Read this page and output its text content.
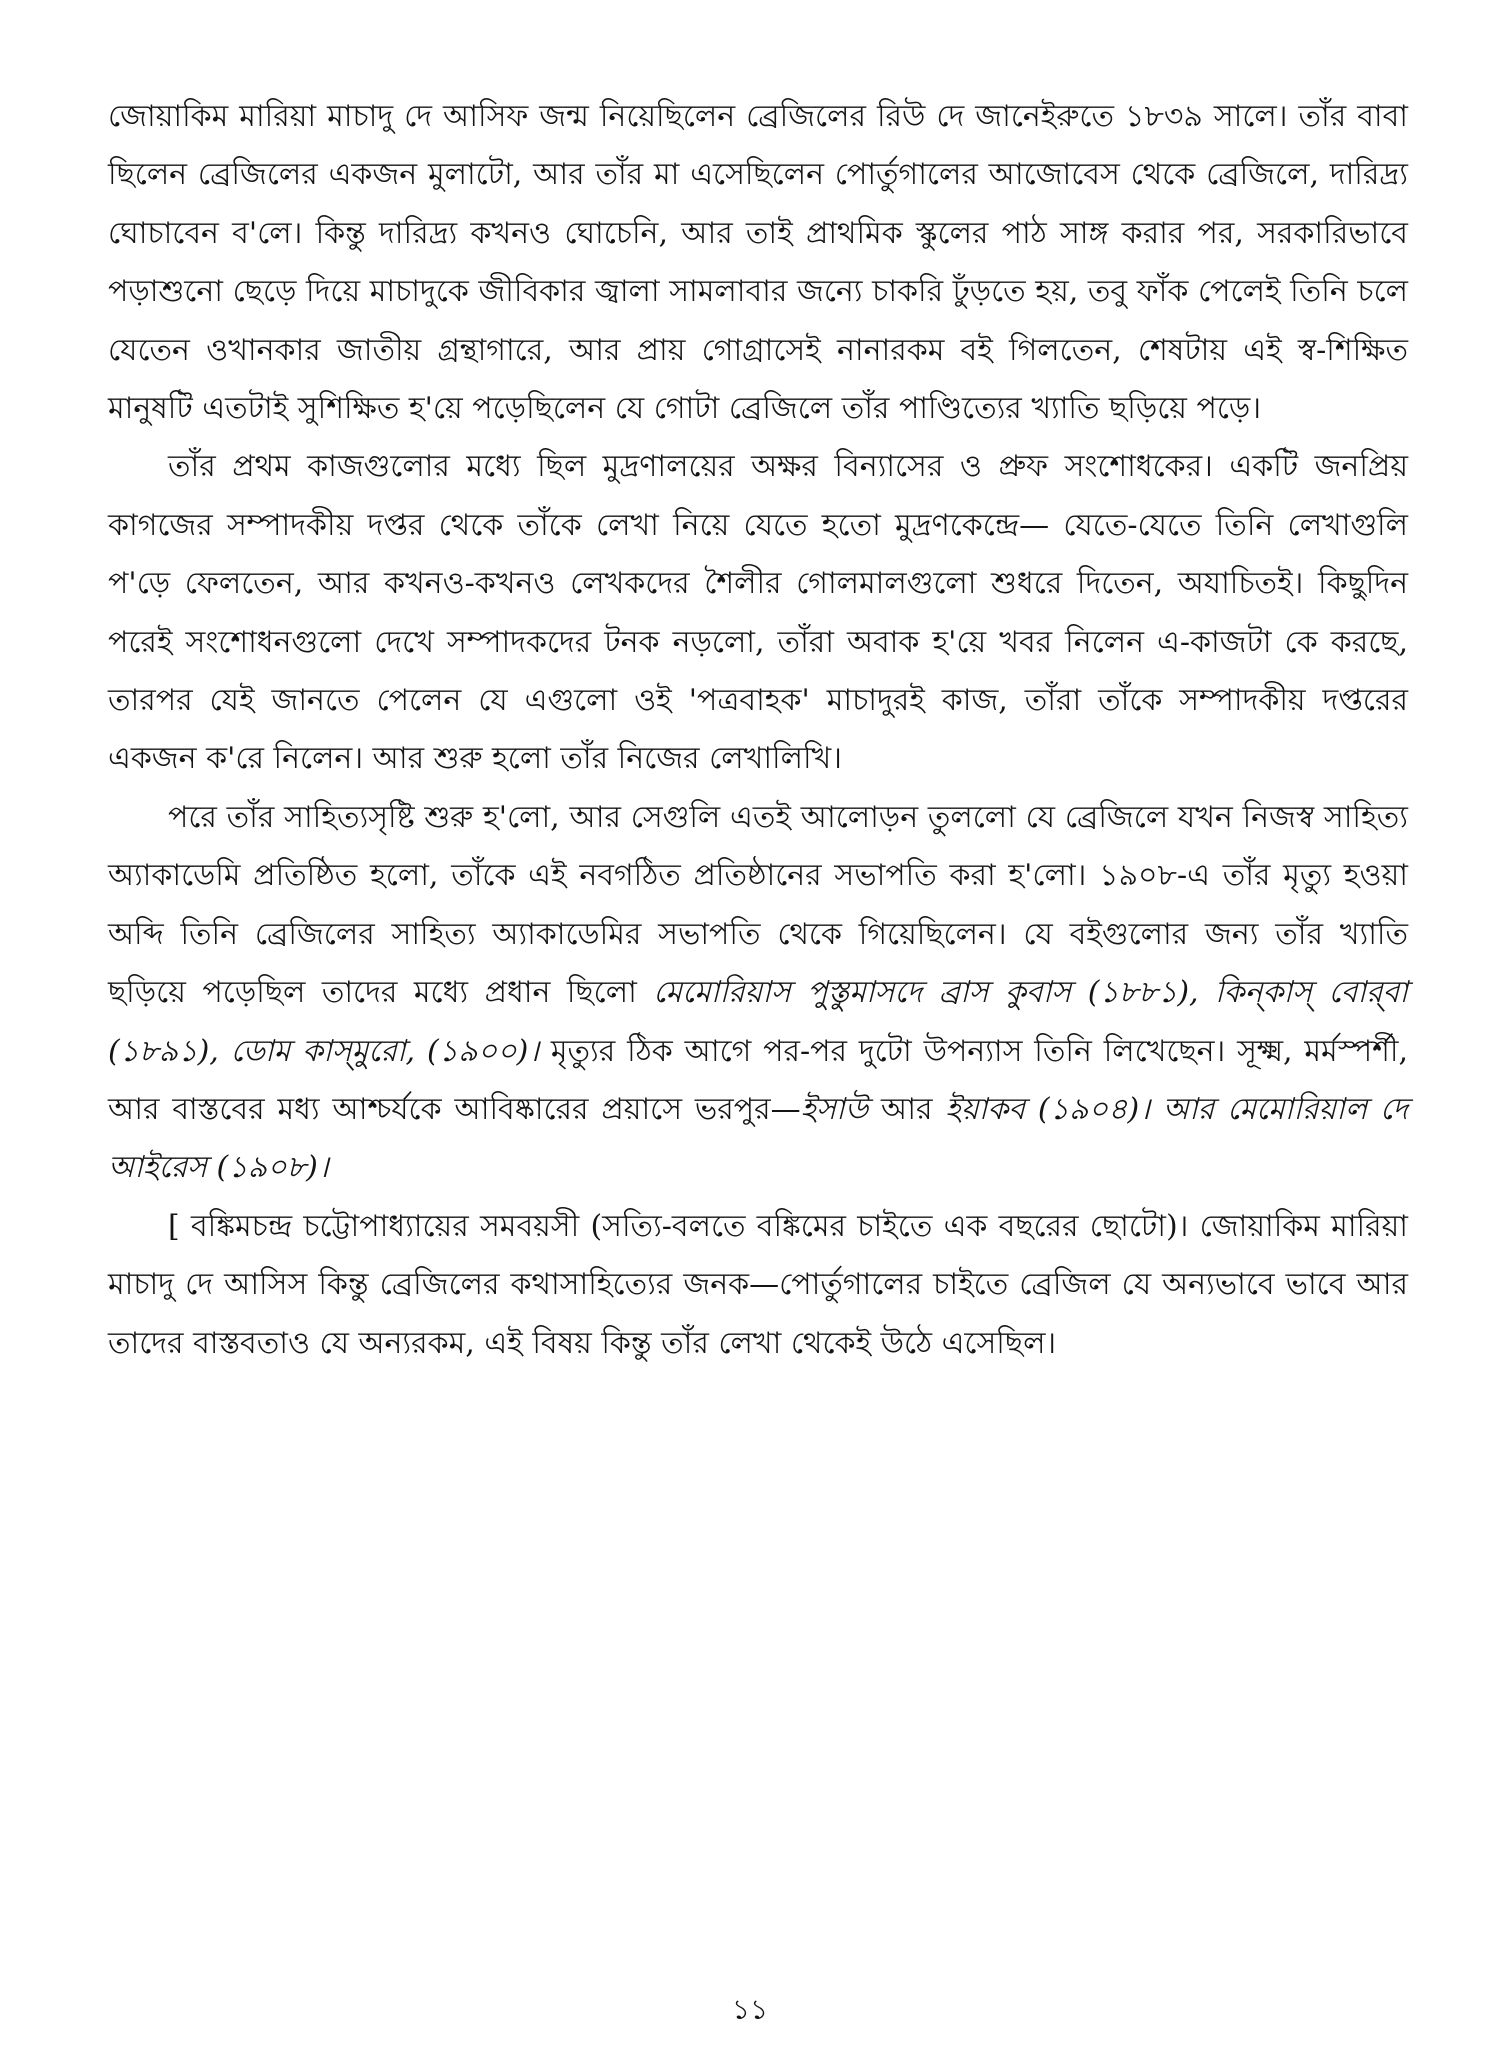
জোয়াকিম মারিয়া মাচাদু দে আসিফ জন্ম নিয়েছিলেন ব্রেজিলের রিউ দে জানেইরুতে ১৮৩৯ সালে। তাঁর বাবা ছিলেন ব্রেজিলের একজন মুলাটো, আর তাঁর মা এসেছিলেন পোর্তুগালের আজোবেস থেকে ব্রেজিলে, দারিদ্র্য ঘোচাবেন ব'লে। কিন্তু দারিদ্র্য কখনও ঘোচেনি, আর তাই প্রাথমিক স্কুলের পাঠ সাঙ্গ করার পর, সরকারিভাবে পড়াশুনো ছেড়ে দিয়ে মাচাদুকে জীবিকার জ্বালা সামলাবার জন্যে চাকরি ঢুঁড়তে হয়, তবু ফাঁক পেলেই তিনি চলে যেতেন ওখানকার জাতীয় গ্রন্থাগারে, আর প্রায় গোগ্রাসেই নানারকম বই গিলতেন, শেষটায় এই স্ব-শিক্ষিত মানুষটি এতটাই সুশিক্ষিত হ'য়ে পড়েছিলেন যে গোটা ব্রেজিলে তাঁর পাণ্ডিত্যের খ্যাতি ছড়িয়ে পড়ে।

তাঁর প্রথম কাজগুলোর মধ্যে ছিল মুদ্রণালয়ের অক্ষর বিন্যাসের ও প্রুফ সংশোধকের। একটি জনপ্রিয় কাগজের সম্পাদকীয় দপ্তর থেকে তাঁকে লেখা নিয়ে যেতে হতো মুদ্রণকেন্দ্রে— যেতে-যেতে তিনি লেখাগুলি প'ড়ে ফেলতেন, আর কখনও-কখনও লেখকদের শৈলীর গোলমালগুলো শুধরে দিতেন, অযাচিতই। কিছুদিন পরেই সংশোধনগুলো দেখে সম্পাদকদের টনক নড়লো, তাঁরা অবাক হ'য়ে খবর নিলেন এ-কাজটা কে করছে, তারপর যেই জানতে পেলেন যে এগুলো ওই 'পত্রবাহক' মাচাদুরই কাজ, তাঁরা তাঁকে সম্পাদকীয় দপ্তরের একজন ক'রে নিলেন। আর শুরু হলো তাঁর নিজের লেখালিখি।

পরে তাঁর সাহিত্যসৃষ্টি শুরু হ'লো, আর সেগুলি এতই আলোড়ন তুললো যে ব্রেজিলে যখন নিজস্ব সাহিত্য অ্যাকাডেমি প্রতিষ্ঠিত হলো, তাঁকে এই নবগঠিত প্রতিষ্ঠানের সভাপতি করা হ'লো। ১৯০৮-এ তাঁর মৃত্যু হওয়া অব্দি তিনি ব্রেজিলের সাহিত্য অ্যাকাডেমির সভাপতি থেকে গিয়েছিলেন। যে বইগুলোর জন্য তাঁর খ্যাতি ছড়িয়ে পড়েছিল তাদের মধ্যে প্রধান ছিলো মেমোরিয়াস পুস্তুমাসদে ব্রাস কুবাস (১৮৮১), কিন্‌কাস্‌ বোর্‌বা (১৮৯১), ডোম কাস্‌মুরো, (১৯০০)। মৃত্যুর ঠিক আগে পর-পর দুটো উপন্যাস তিনি লিখেছেন। সূক্ষ্ম, মর্মস্পর্শী, আর বাস্তবের মধ্য আশ্চর্যকে আবিষ্কারের প্রয়াসে ভরপুর—ইসাউ আর ইয়াকব (১৯০৪)। আর মেমোরিয়াল দে আইরেস (১৯০৮)।

[ বঙ্কিমচন্দ্র চট্টোপাধ্যায়ের সমবয়সী (সত্যি-বলতে বঙ্কিমের চাইতে এক বছরের ছোটো)। জোয়াকিম মারিয়া মাচাদু দে আসিস কিন্তু ব্রেজিলের কথাসাহিত্যের জনক—পোর্তুগালের চাইতে ব্রেজিল যে অন্যভাবে ভাবে আর তাদের বাস্তবতাও যে অন্যরকম, এই বিষয় কিন্তু তাঁর লেখা থেকেই উঠে এসেছিল।

১১
